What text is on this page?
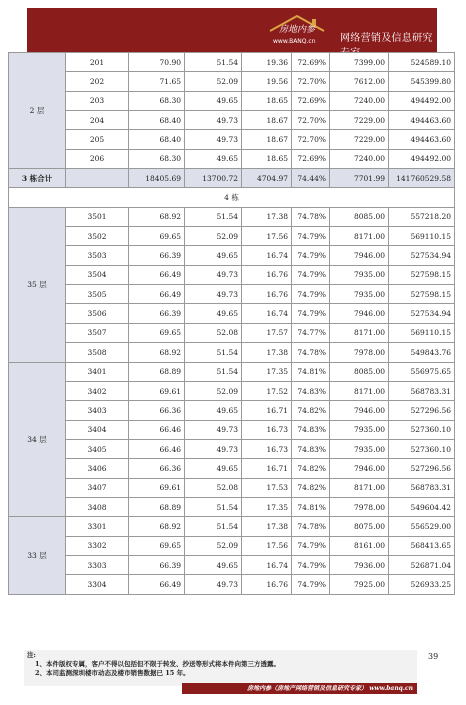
房地内参
www.BANQ.cn 网络营销及信息研究专家
2 层	201	70.90	51.54	19.36	72.69%	7399.00	524589.10
	202	71.65	52.09	19.56	72.70%	7612.00	545399.80
	203	68.30	49.65	18.65	72.69%	7240.00	494492.00
	204	68.40	49.73	18.67	72.70%	7229.00	494463.60
	205	68.40	49.73	18.67	72.70%	7229.00	494463.60
	206	68.30	49.65	18.65	72.69%	7240.00	494492.00
3 栋合计		18405.69	13700.72	4704.97	74.44%	7701.99	141760529.58
4 栋							
35 层	3501	68.92	51.54	17.38	74.78%	8085.00	557218.20
	3502	69.65	52.09	17.56	74.79%	8171.00	569110.15
	3503	66.39	49.65	16.74	74.79%	7946.00	527534.94
	3504	66.49	49.73	16.76	74.79%	7935.00	527598.15
	3505	66.49	49.73	16.76	74.79%	7935.00	527598.15
	3506	66.39	49.65	16.74	74.79%	7946.00	527534.94
	3507	69.65	52.08	17.57	74.77%	8171.00	569110.15
	3508	68.92	51.54	17.38	74.78%	7978.00	549843.76
34 层	3401	68.89	51.54	17.35	74.81%	8085.00	556975.65
	3402	69.61	52.09	17.52	74.83%	8171.00	568783.31
	3403	66.36	49.65	16.71	74.82%	7946.00	527296.56
	3404	66.46	49.73	16.73	74.83%	7935.00	527360.10
	3405	66.46	49.73	16.73	74.83%	7935.00	527360.10
	3406	66.36	49.65	16.71	74.82%	7946.00	527296.56
	3407	69.61	52.08	17.53	74.82%	8171.00	568783.31
	3408	68.89	51.54	17.35	74.81%	7978.00	549604.42
33 层	3301	68.92	51.54	17.38	74.78%	8075.00	556529.00
	3302	69.65	52.09	17.56	74.79%	8161.00	568413.65
	3303	66.39	49.65	16.74	74.79%	7936.00	526871.04
	3304	66.49	49.73	16.76	74.79%	7925.00	526933.25
注:
1、本件版权专属，客户不得以包括但不限于转发、抄送等形式将本件向第三方透露。
2、本司监测深圳楼市动态及楼市销售数据已 15 年。
39
房地内参（房地产网络营销及信息研究专家） www.banq.cn
